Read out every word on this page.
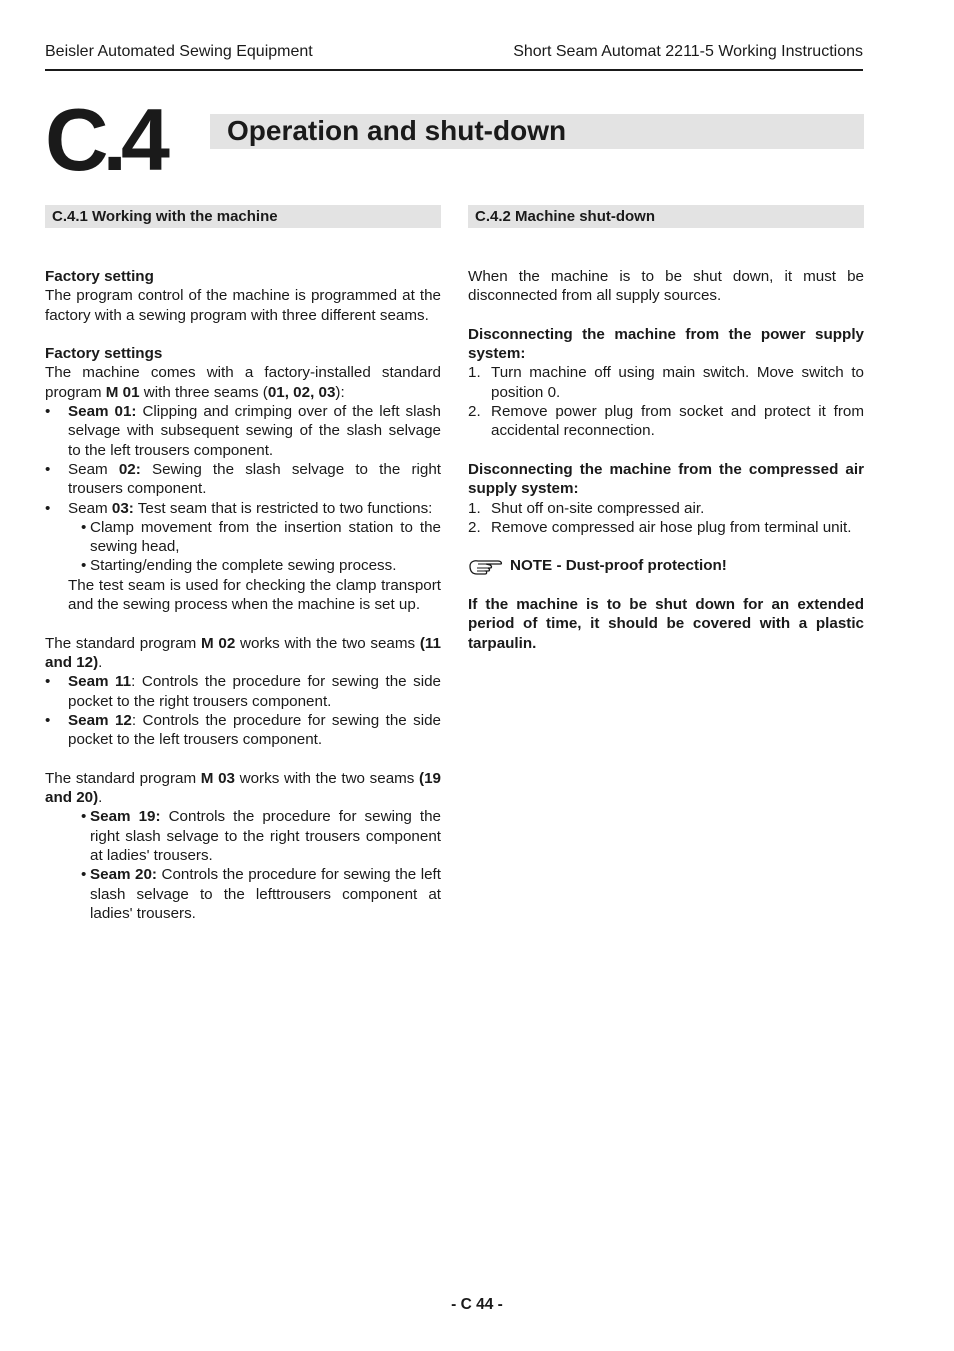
Beisler Automated Sewing Equipment	Short Seam Automat 2211-5 Working Instructions
C.4 Operation and shut-down
C.4.1 Working with the machine

Factory setting

The program control of the machine is programmed at the factory with a sewing program with three different seams.

Factory settings

The machine comes with a factory-installed standard program M 01 with three seams (01, 02, 03):

• Seam 01: Clipping and crimping over of the left slash selvage with subsequent sewing of the slash selvage to the left trousers component.
• Seam 02: Sewing the slash selvage to the right trousers component.
• Seam 03: Test seam that is restricted to two functions:
• Clamp movement from the insertion station to the sewing head,
• Starting/ending the complete sewing process.
The test seam is used for checking the clamp transport and the sewing process when the machine is set up.

The standard program M 02 works with the two seams (11 and 12).

• Seam 11: Controls the procedure for sewing the side pocket to the right trousers component.
• Seam 12: Controls the procedure for sewing the side pocket to the left trousers component.

The standard program M 03 works with the two seams (19 and 20).

• Seam 19: Controls the procedure for sewing the right slash selvage to the right trousers component at ladies' trousers.
• Seam 20: Controls the procedure for sewing the left slash selvage to the lefttrousers component at ladies' trousers.
C.4.2 Machine shut-down

When the machine is to be shut down, it must be disconnected from all supply sources.

Disconnecting the machine from the power supply system:

1. Turn machine off using main switch. Move switch to position 0.
2. Remove power plug from socket and protect it from accidental reconnection.

Disconnecting the machine from the compressed air supply system:

1. Shut off on-site compressed air.
2. Remove compressed air hose plug from terminal unit.
NOTE
- Dust-proof protection!

If the machine is to be shut down for an extended period of time, it should be covered with a plastic tarpaulin.

- C 44 -
